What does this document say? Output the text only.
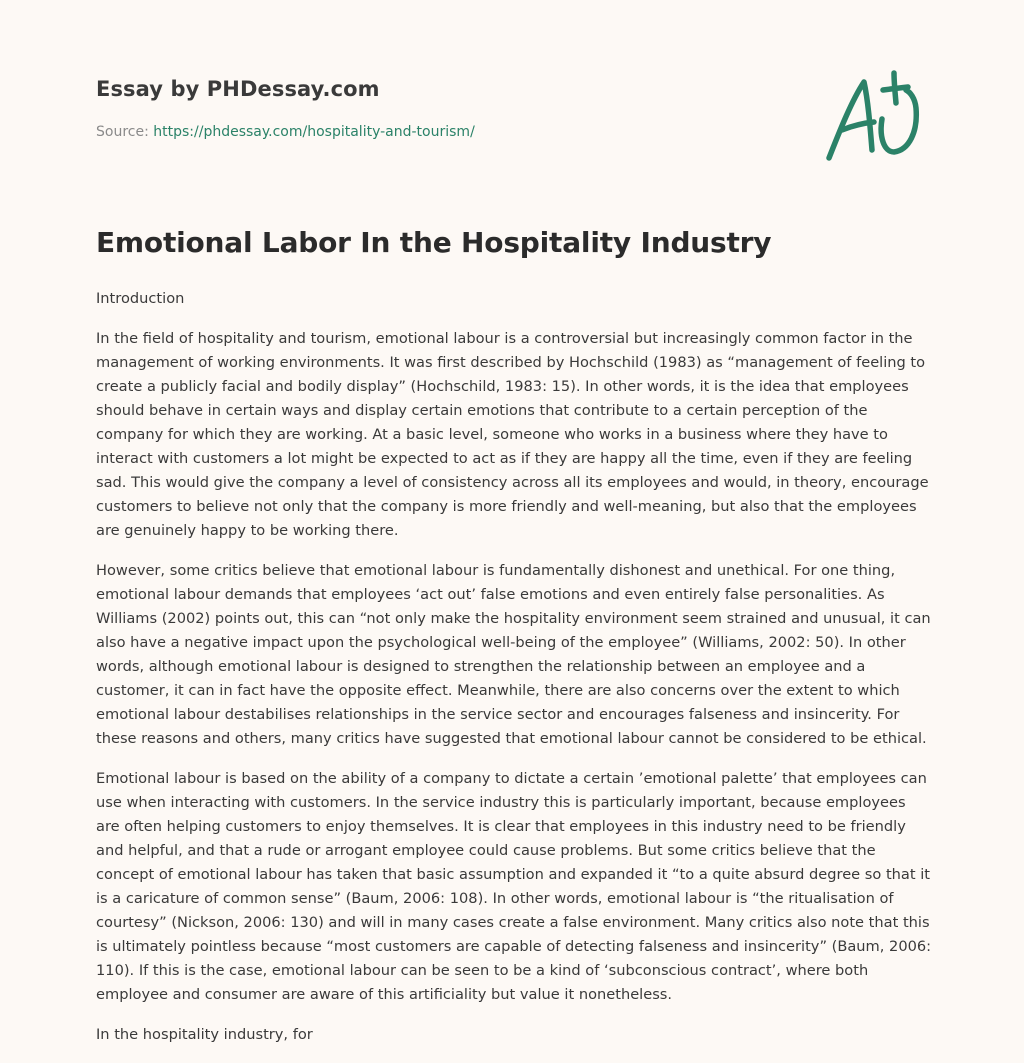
Essay by PHDessay.com
Source: https://phdessay.com/hospitality-and-tourism/
Emotional Labor In the Hospitality Industry

Introduction

In the field of hospitality and tourism, emotional labour is a controversial but increasingly common factor in the management of working environments. It was first described by Hochschild (1983) as “management of feeling to create a publicly facial and bodily display” (Hochschild, 1983: 15). In other words, it is the idea that employees should behave in certain ways and display certain emotions that contribute to a certain perception of the company for which they are working. At a basic level, someone who works in a business where they have to interact with customers a lot might be expected to act as if they are happy all the time, even if they are feeling sad. This would give the company a level of consistency across all its employees and would, in theory, encourage customers to believe not only that the company is more friendly and well-meaning, but also that the employees are genuinely happy to be working there.

However, some critics believe that emotional labour is fundamentally dishonest and unethical. For one thing, emotional labour demands that employees ‘act out’ false emotions and even entirely false personalities. As Williams (2002) points out, this can “not only make the hospitality environment seem strained and unusual, it can also have a negative impact upon the psychological well-being of the employee” (Williams, 2002: 50). In other words, although emotional labour is designed to strengthen the relationship between an employee and a customer, it can in fact have the opposite effect. Meanwhile, there are also concerns over the extent to which emotional labour destabilises relationships in the service sector and encourages falseness and insincerity. For these reasons and others, many critics have suggested that emotional labour cannot be considered to be ethical.

Emotional labour is based on the ability of a company to dictate a certain ’emotional palette’ that employees can use when interacting with customers. In the service industry this is particularly important, because employees are often helping customers to enjoy themselves. It is clear that employees in this industry need to be friendly and helpful, and that a rude or arrogant employee could cause problems. But some critics believe that the concept of emotional labour has taken that basic assumption and expanded it “to a quite absurd degree so that it is a caricature of common sense” (Baum, 2006: 108). In other words, emotional labour is “the ritualisation of courtesy” (Nickson, 2006: 130) and will in many cases create a false environment. Many critics also note that this is ultimately pointless because “most customers are capable of detecting falseness and insincerity” (Baum, 2006: 110). If this is the case, emotional labour can be seen to be a kind of ‘subconscious contract’, where both employee and consumer are aware of this artificiality but value it nonetheless.

In the hospitality industry, for
